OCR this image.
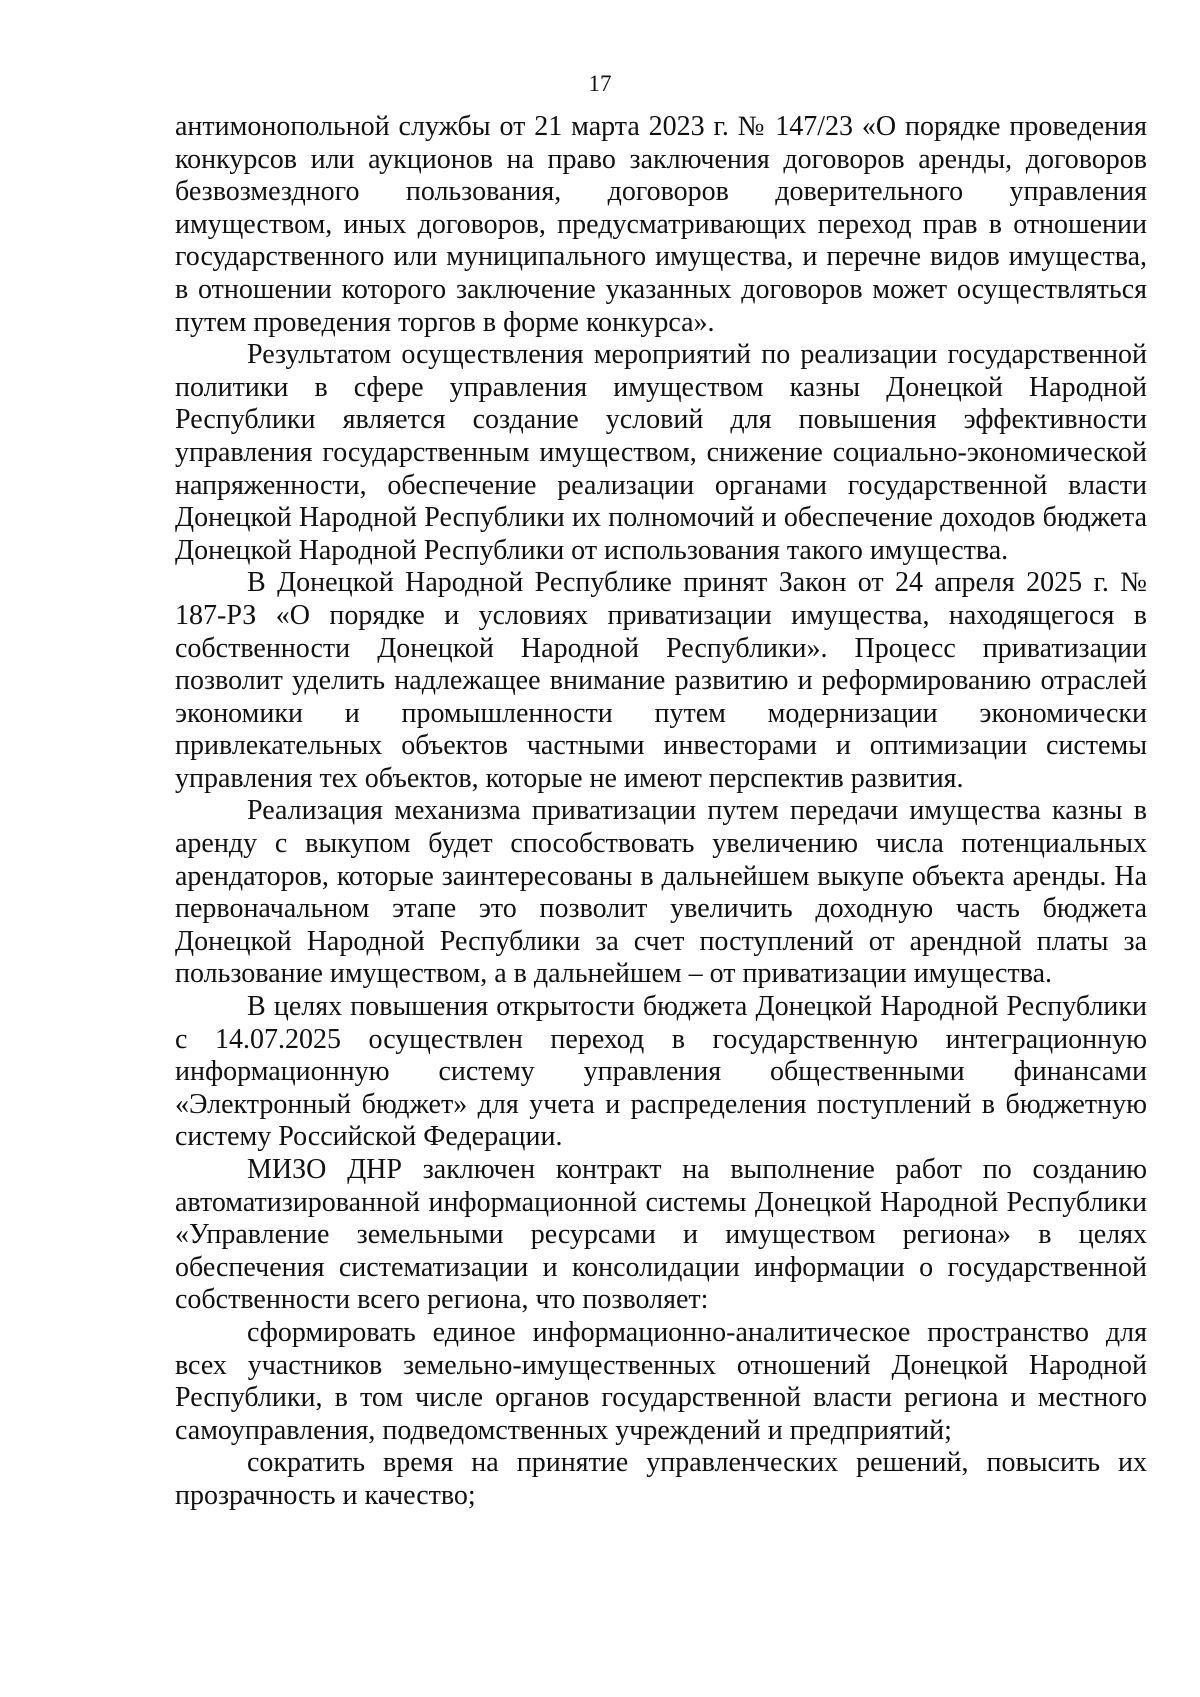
17

антимонопольной службы от 21 марта 2023 г. № 147/23 «О порядке проведения конкурсов или аукционов на право заключения договоров аренды, договоров безвозмездного пользования, договоров доверительного управления имуществом, иных договоров, предусматривающих переход прав в отношении государственного или муниципального имущества, и перечне видов имущества, в отношении которого заключение указанных договоров может осуществляться путем проведения торгов в форме конкурса».

Результатом осуществления мероприятий по реализации государственной политики в сфере управления имуществом казны Донецкой Народной Республики является создание условий для повышения эффективности управления государственным имуществом, снижение социально-экономической напряженности, обеспечение реализации органами государственной власти Донецкой Народной Республики их полномочий и обеспечение доходов бюджета Донецкой Народной Республики от использования такого имущества.

В Донецкой Народной Республике принят Закон от 24 апреля 2025 г. № 187-РЗ «О порядке и условиях приватизации имущества, находящегося в собственности Донецкой Народной Республики». Процесс приватизации позволит уделить надлежащее внимание развитию и реформированию отраслей экономики и промышленности путем модернизации экономически привлекательных объектов частными инвесторами и оптимизации системы управления тех объектов, которые не имеют перспектив развития.

Реализация механизма приватизации путем передачи имущества казны в аренду с выкупом будет способствовать увеличению числа потенциальных арендаторов, которые заинтересованы в дальнейшем выкупе объекта аренды. На первоначальном этапе это позволит увеличить доходную часть бюджета Донецкой Народной Республики за счет поступлений от арендной платы за пользование имуществом, а в дальнейшем – от приватизации имущества.

В целях повышения открытости бюджета Донецкой Народной Республики с 14.07.2025 осуществлен переход в государственную интеграционную информационную систему управления общественными финансами «Электронный бюджет» для учета и распределения поступлений в бюджетную систему Российской Федерации.

МИЗО ДНР заключен контракт на выполнение работ по созданию автоматизированной информационной системы Донецкой Народной Республики «Управление земельными ресурсами и имуществом региона» в целях обеспечения систематизации и консолидации информации о государственной собственности всего региона, что позволяет:

сформировать единое информационно-аналитическое пространство для всех участников земельно-имущественных отношений Донецкой Народной Республики, в том числе органов государственной власти региона и местного самоуправления, подведомственных учреждений и предприятий;

сократить время на принятие управленческих решений, повысить их прозрачность и качество;
